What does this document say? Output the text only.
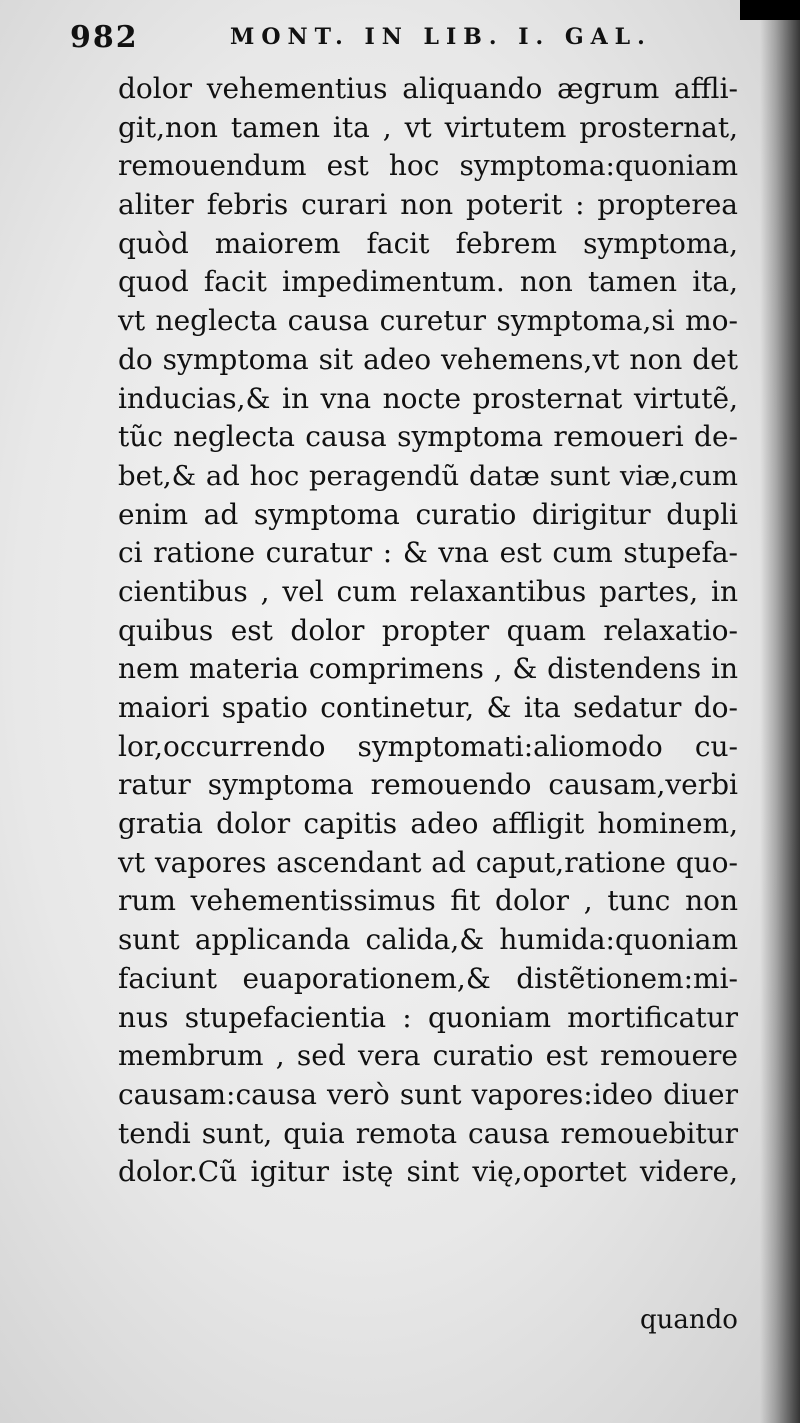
982	MONT. IN LIB. I. GAL.
dolor vehementius aliquando ægrum affli-
git,non tamen ita , vt virtutem prosternat,
remouendum est hoc symptoma:quoniam
aliter febris curari non poterit : propterea
quòd maiorem facit febrem symptoma,
quod facit impedimentum. non tamen ita,
vt neglecta causa curetur symptoma,si mo-
do symptoma sit adeo vehemens,vt non det
inducias,& in vna nocte prosternat virtutẽ,
tũc neglecta causa symptoma remoueri de-
bet,& ad hoc peragendũ datæ sunt viæ,cum
enim ad symptoma curatio dirigitur dupli
ci ratione curatur : & vna est cum stupefa-
cientibus , vel cum relaxantibus partes, in
quibus est dolor propter quam relaxatio-
nem materia comprimens , & distendens in
maiori spatio continetur, & ita sedatur do-
lor,occurrendo symptomati:aliomodo cu-
ratur symptoma remouendo causam,verbi
gratia dolor capitis adeo affligit hominem,
vt vapores ascendant ad caput,ratione quo-
rum vehementissimus fit dolor , tunc non
sunt applicanda calida,& humida:quoniam
faciunt euaporationem,& distẽtionem:mi-
nus stupefacientia : quoniam mortificatur
membrum , sed vera curatio est remouere
causam:causa verò sunt vapores:ideo diuer
tendi sunt, quia remota causa remouebitur
dolor.Cũ igitur istę sint vię,oportet videre,
quando
